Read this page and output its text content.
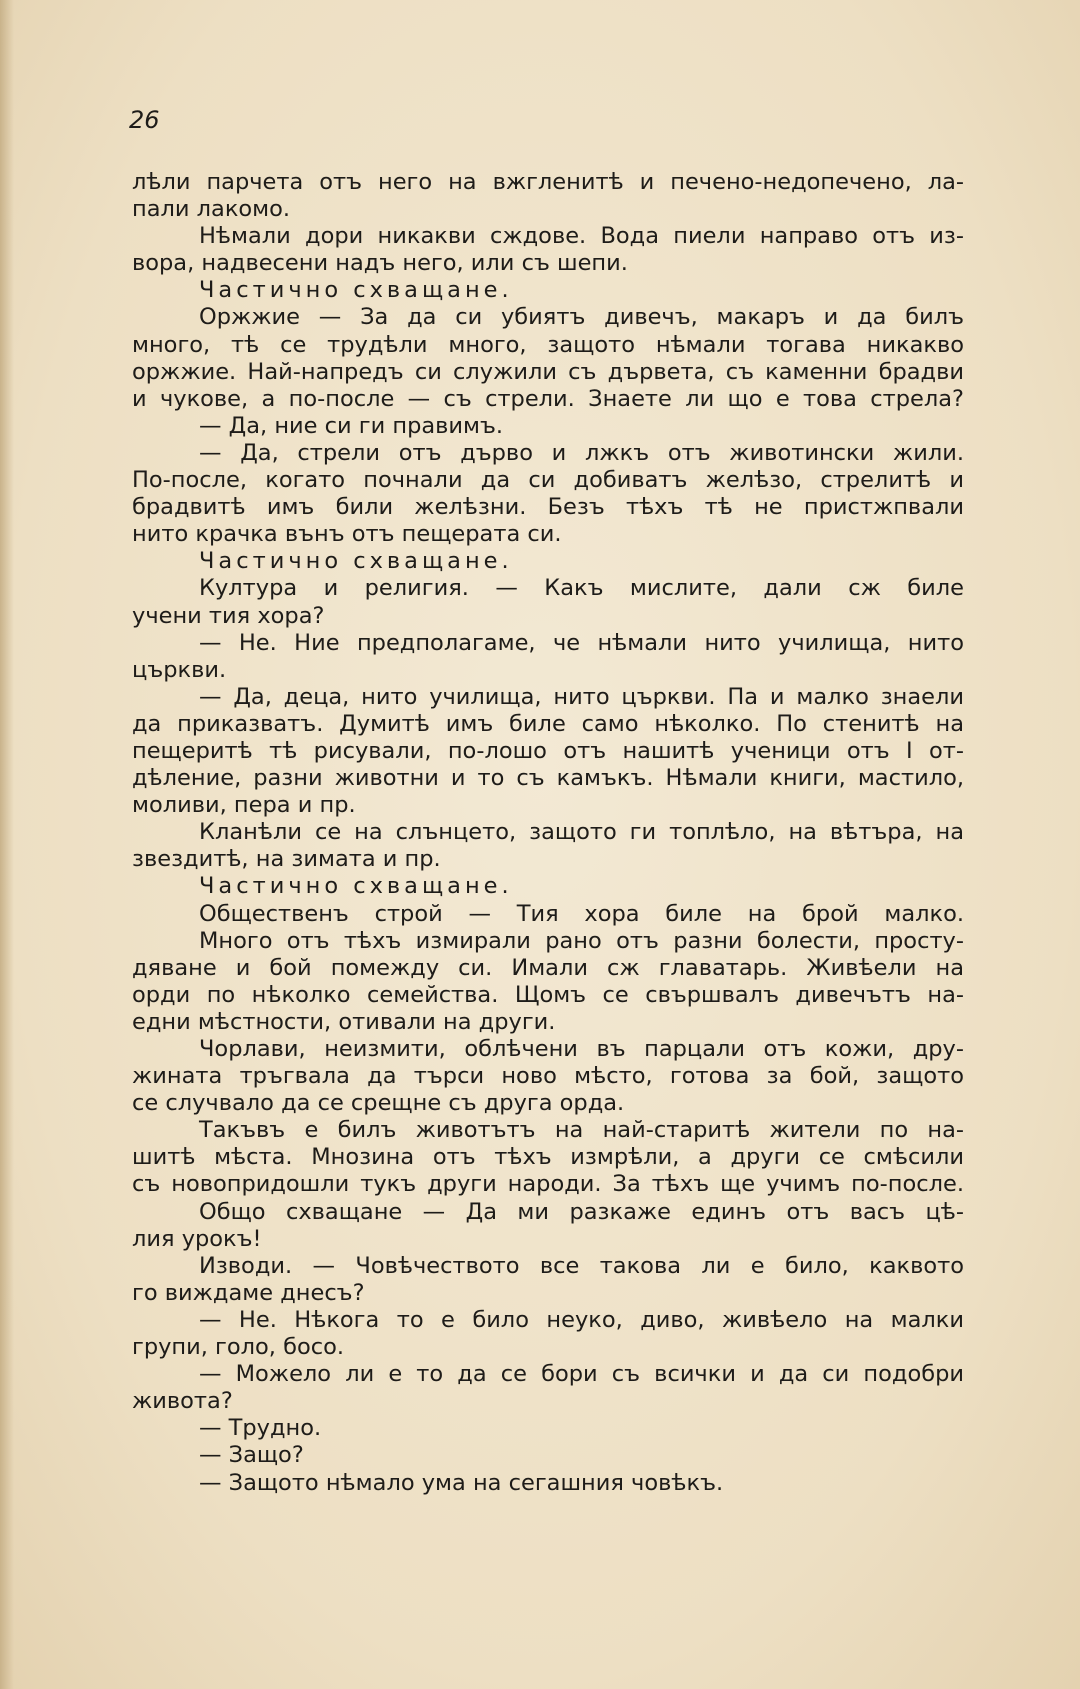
26
лѣли парчета отъ него на вжгленитѣ и печено-недопечено, ла-
пали лакомо.
Нѣмали дори никакви сждове. Вода пиели направо отъ из-
вора, надвесени надъ него, или съ шепи.
Частично схващане.
Оржжие — За да си убиятъ дивечъ, макаръ и да билъ
много, тѣ се трудѣли много, защото нѣмали тогава никакво
оржжие. Най-напредъ си служили съ дървета, съ каменни брадви
и чукове, а по-после — съ стрели. Знаете ли що е това стрела?
— Да, ние си ги правимъ.
— Да, стрели отъ дърво и лжкъ отъ животински жили.
По-после, когато почнали да си добиватъ желѣзо, стрелитѣ и
брадвитѣ имъ били желѣзни. Безъ тѣхъ тѣ не пристжпвали
нито крачка вънъ отъ пещерата си.
Частично схващане.
Култура и религия. — Какъ мислите, дали сж биле
учени тия хора?
— Не. Ние предполагаме, че нѣмали нито училища, нито
църкви.
— Да, деца, нито училища, нито църкви. Па и малко знаели
да приказватъ. Думитѣ имъ биле само нѣколко. По стенитѣ на
пещеритѣ тѣ рисували, по-лошо отъ нашитѣ ученици отъ I от-
дѣление, разни животни и то съ камъкъ. Нѣмали книги, мастило,
моливи, пера и пр.
Кланѣли се на слънцето, защото ги топлѣло, на вѣтъра, на
звездитѣ, на зимата и пр.
Частично схващане.
Общественъ строй — Тия хора биле на брой малко.
Много отъ тѣхъ измирали рано отъ разни болести, просту-
дяване и бой помежду си. Имали сж главатарь. Живѣели на
орди по нѣколко семейства. Щомъ се свършвалъ дивечътъ на-
едни мѣстности, отивали на други.
Чорлави, неизмити, облѣчени въ парцали отъ кожи, дру-
жината тръгвала да търси ново мѣсто, готова за бой, защото
се случвало да се срещне съ друга орда.
Такъвъ е билъ животътъ на най-старитѣ жители по на-
шитѣ мѣста. Мнозина отъ тѣхъ измрѣли, а други се смѣсили
съ новопридошли тукъ други народи. За тѣхъ ще учимъ по-после.
Общо схващане — Да ми разкаже единъ отъ васъ цѣ-
лия урокъ!
Изводи. — Човѣчеството все такова ли е било, каквото
го виждаме днесъ?
— Не. Нѣкога то е било неуко, диво, живѣело на малки
групи, голо, босо.
— Можело ли е то да се бори съ всички и да си подобри
живота?
— Трудно.
— Защо?
— Защото нѣмало ума на сегашния човѣкъ.
